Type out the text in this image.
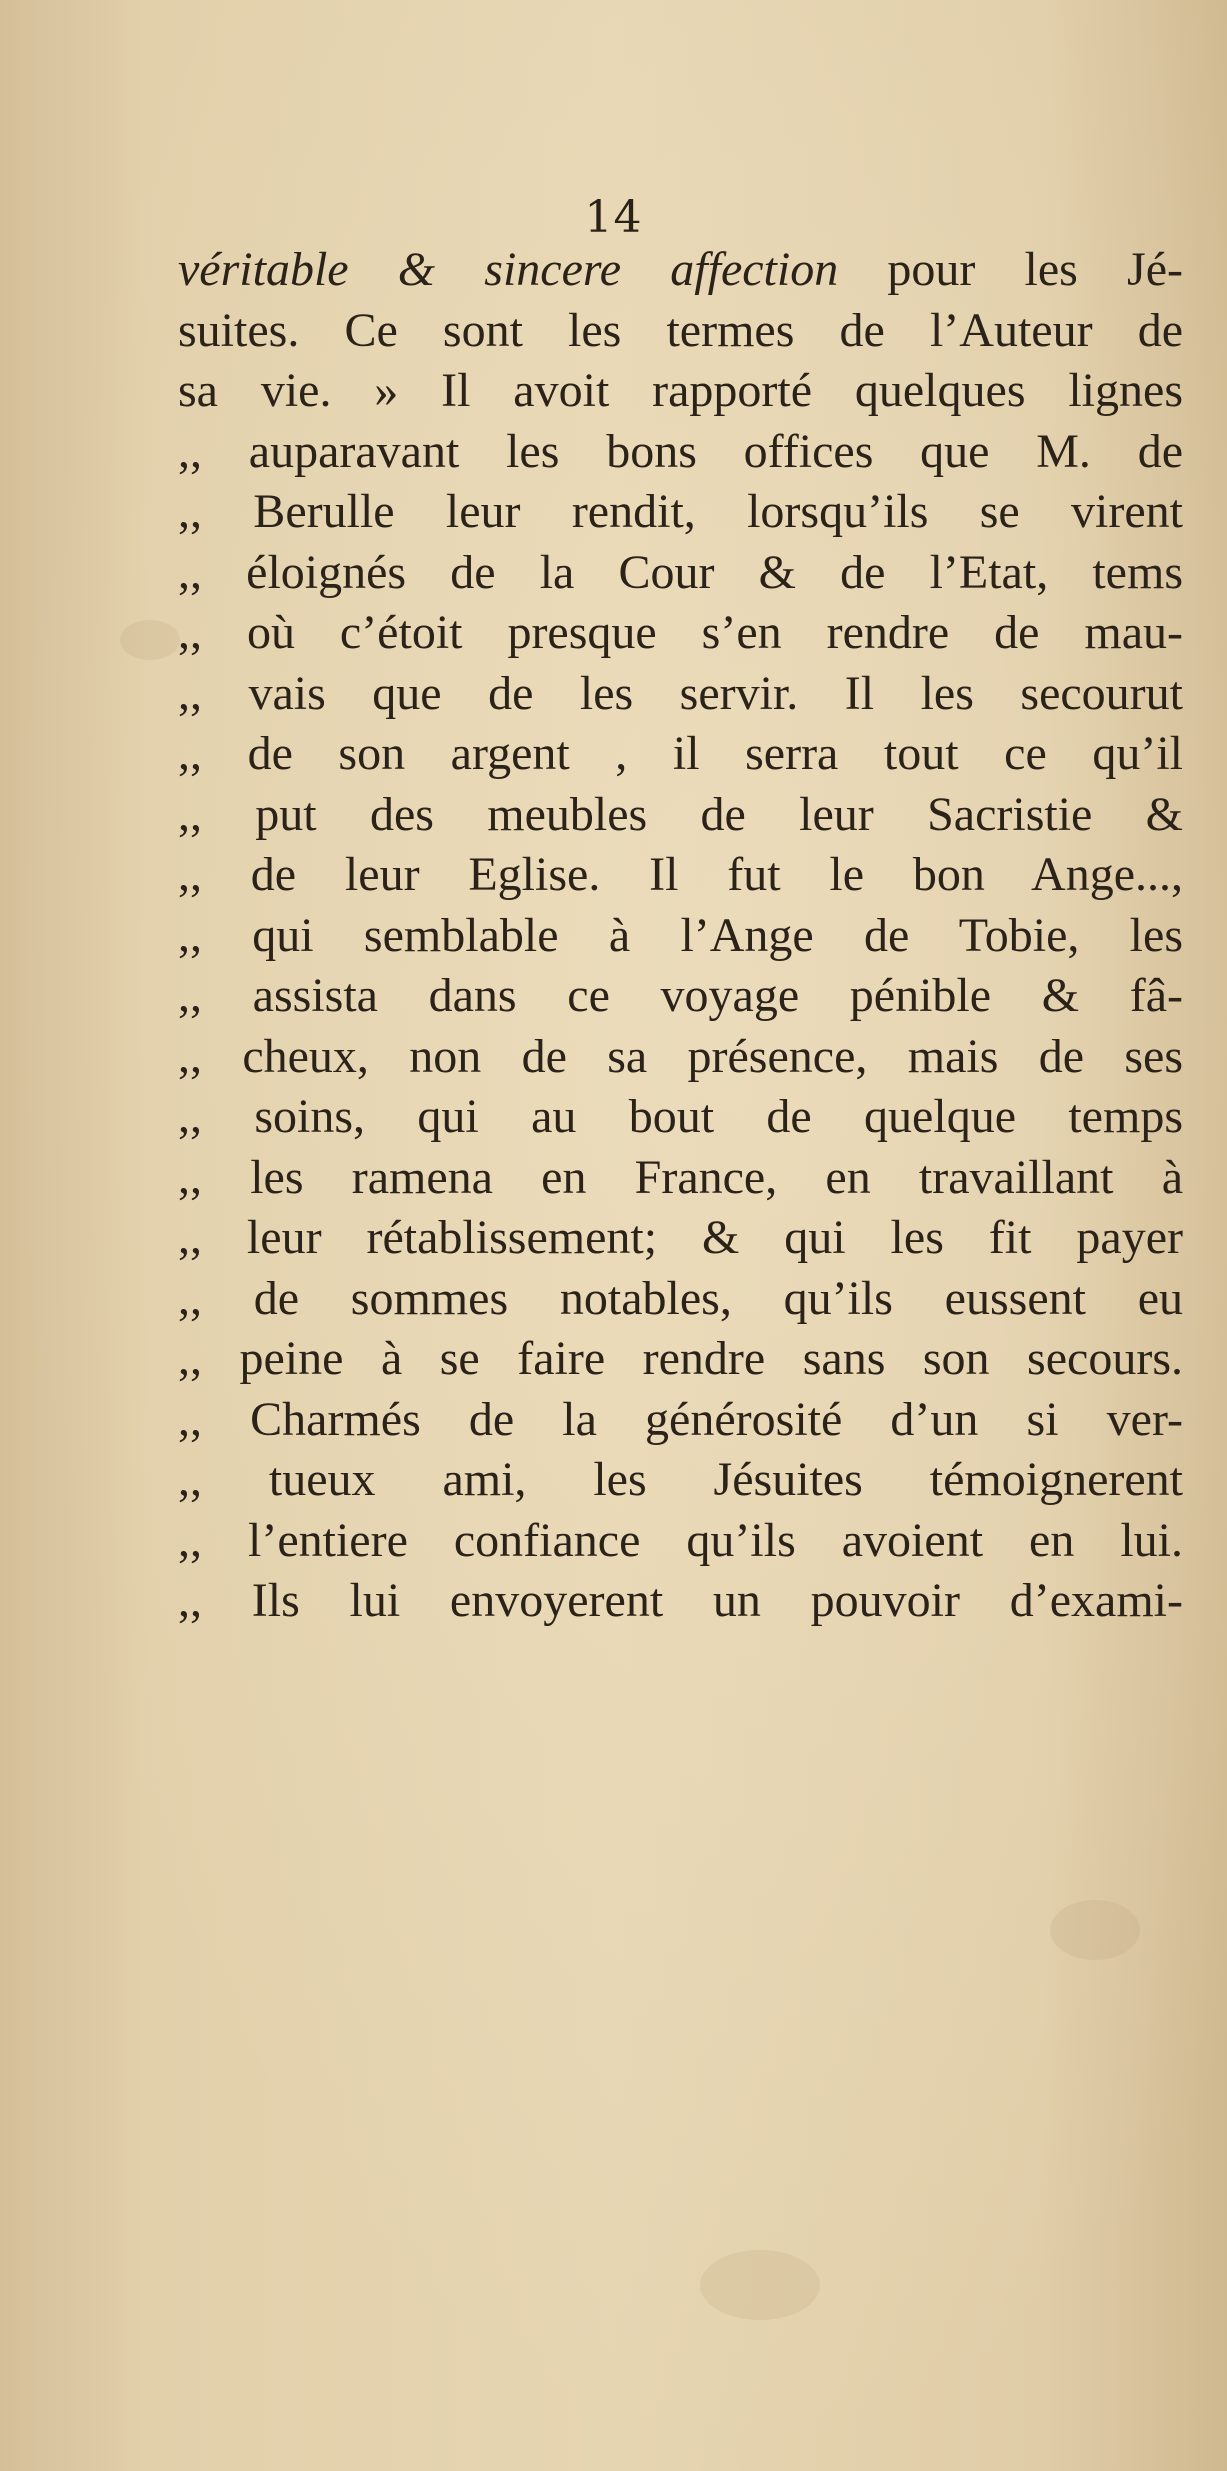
14
véritable & sincere affection pour les Jé-
suites. Ce sont les termes de l’Auteur de
sa vie. » Il avoit rapporté quelques lignes
,, auparavant les bons offices que M. de
,, Berulle leur rendit, lorsqu’ils se virent
,, éloignés de la Cour & de l’Etat, tems
,, où c’étoit presque s’en rendre de mau-
,, vais que de les servir. Il les secourut
,, de son argent , il serra tout ce qu’il
,, put des meubles de leur Sacristie &
,, de leur Eglise. Il fut le bon Ange...,
,, qui semblable à l’Ange de Tobie, les
,, assista dans ce voyage pénible & fâ-
,, cheux, non de sa présence, mais de ses
,, soins, qui au bout de quelque temps
,, les ramena en France, en travaillant à
,, leur rétablissement; & qui les fit payer
,, de sommes notables, qu’ils eussent eu
,, peine à se faire rendre sans son secours.
,, Charmés de la générosité d’un si ver-
,, tueux ami, les Jésuites témoignerent
,, l’entiere confiance qu’ils avoient en lui.
,, Ils lui envoyerent un pouvoir d’exami-
